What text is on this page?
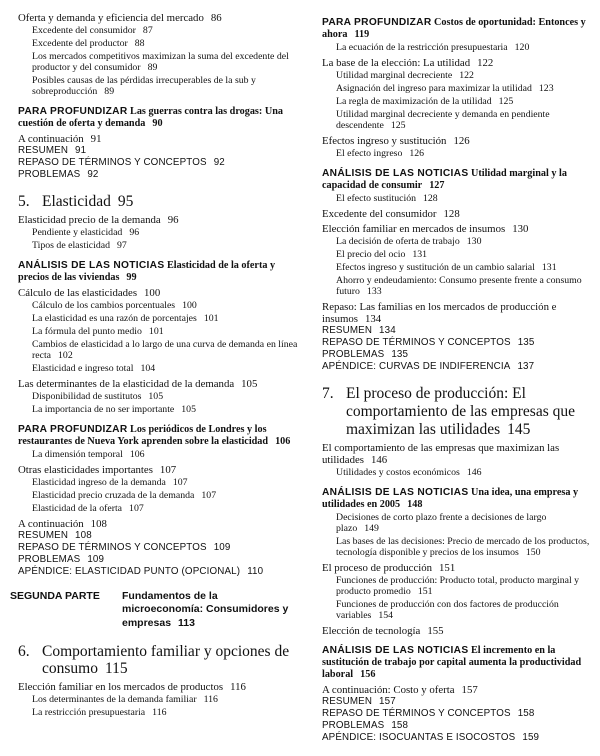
Oferta y demanda y eficiencia del mercado 86
Excedente del consumidor 87
Excedente del productor 88
Los mercados competitivos maximizan la suma del excedente del productor y del consumidor 89
Posibles causas de las pérdidas irrecuperables de la sub y sobreproducción 89
PARA PROFUNDIZAR Las guerras contra las drogas: Una cuestión de oferta y demanda 90
A continuación 91
RESUMEN 91
REPASO DE TÉRMINOS Y CONCEPTOS 92
PROBLEMAS 92
5. Elasticidad 95
Elasticidad precio de la demanda 96
Pendiente y elasticidad 96
Tipos de elasticidad 97
ANÁLISIS DE LAS NOTICIAS Elasticidad de la oferta y precios de las viviendas 99
Cálculo de las elasticidades 100
Cálculo de los cambios porcentuales 100
La elasticidad es una razón de porcentajes 101
La fórmula del punto medio 101
Cambios de elasticidad a lo largo de una curva de demanda en línea recta 102
Elasticidad e ingreso total 104
Las determinantes de la elasticidad de la demanda 105
Disponibilidad de sustitutos 105
La importancia de no ser importante 105
PARA PROFUNDIZAR Los periódicos de Londres y los restaurantes de Nueva York aprenden sobre la elasticidad 106
La dimensión temporal 106
Otras elasticidades importantes 107
Elasticidad ingreso de la demanda 107
Elasticidad precio cruzada de la demanda 107
Elasticidad de la oferta 107
A continuación 108
RESUMEN 108
REPASO DE TÉRMINOS Y CONCEPTOS 109
PROBLEMAS 109
APÉNDICE: ELASTICIDAD PUNTO (OPCIONAL) 110
SEGUNDA PARTE	Fundamentos de la microeconomía: Consumidores y empresas 113
6. Comportamiento familiar y opciones de consumo 115
Elección familiar en los mercados de productos 116
Los determinantes de la demanda familiar 116
La restricción presupuestaria 116
PARA PROFUNDIZAR Costos de oportunidad: Entonces y ahora 119
La ecuación de la restricción presupuestaria 120
La base de la elección: La utilidad 122
Utilidad marginal decreciente 122
Asignación del ingreso para maximizar la utilidad 123
La regla de maximización de la utilidad 125
Utilidad marginal decreciente y demanda en pendiente descendente 125
Efectos ingreso y sustitución 126
El efecto ingreso 126
ANÁLISIS DE LAS NOTICIAS Utilidad marginal y la capacidad de consumir 127
El efecto sustitución 128
Excedente del consumidor 128
Elección familiar en mercados de insumos 130
La decisión de oferta de trabajo 130
El precio del ocio 131
Efectos ingreso y sustitución de un cambio salarial 131
Ahorro y endeudamiento: Consumo presente frente a consumo futuro 133
Repaso: Las familias en los mercados de producción e insumos 134
RESUMEN 134
REPASO DE TÉRMINOS Y CONCEPTOS 135
PROBLEMAS 135
APÉNDICE: CURVAS DE INDIFERENCIA 137
7. El proceso de producción: El comportamiento de las empresas que maximizan las utilidades 145
El comportamiento de las empresas que maximizan las utilidades 146
Utilidades y costos económicos 146
ANÁLISIS DE LAS NOTICIAS Una idea, una empresa y utilidades en 2005 148
Decisiones de corto plazo frente a decisiones de largo plazo 149
Las bases de las decisiones: Precio de mercado de los productos, tecnología disponible y precios de los insumos 150
El proceso de producción 151
Funciones de producción: Producto total, producto marginal y producto promedio 151
Funciones de producción con dos factores de producción variables 154
Elección de tecnología 155
ANÁLISIS DE LAS NOTICIAS El incremento en la sustitución de trabajo por capital aumenta la productividad laboral 156
A continuación: Costo y oferta 157
RESUMEN 157
REPASO DE TÉRMINOS Y CONCEPTOS 158
PROBLEMAS 158
APÉNDICE: ISOCUANTAS E ISOCOSTOS 159
